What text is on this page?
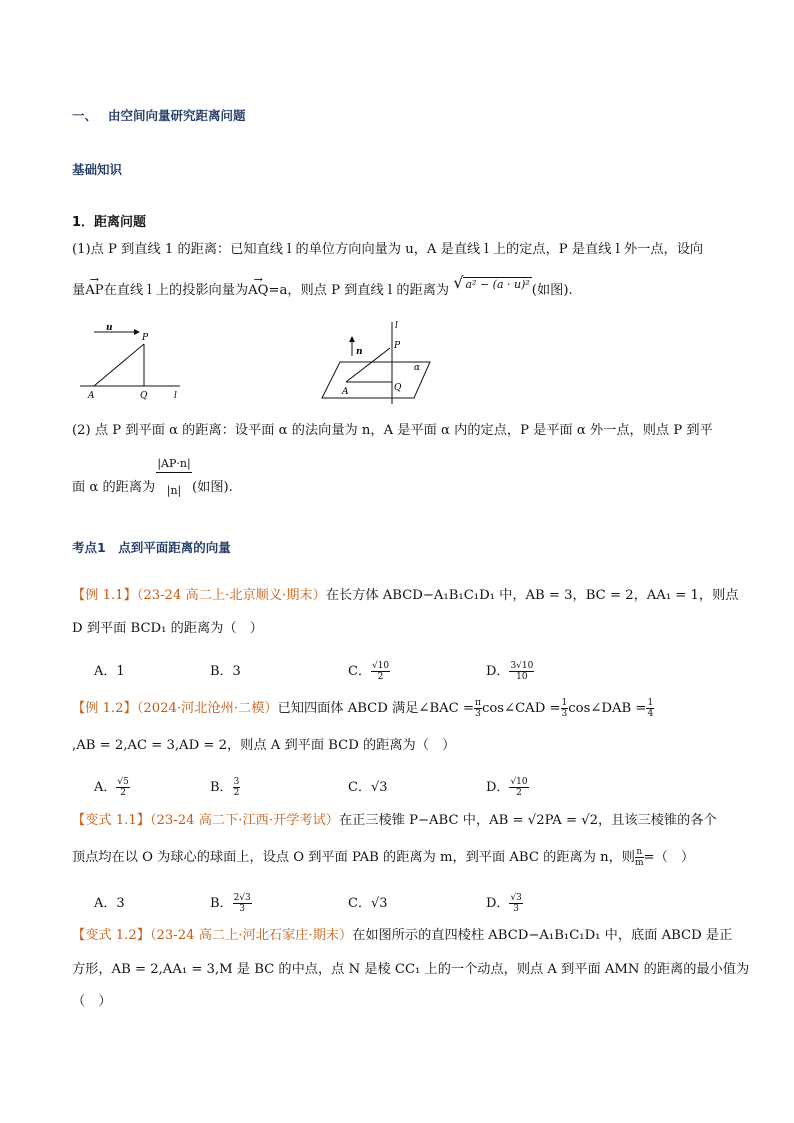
一、 由空间向量研究距离问题
基础知识
1．距离问题
(1)点 P 到直线 1 的距离：已知直线 l 的单位方向向量为 u，A 是直线 l 上的定点，P 是直线 l 外一点，设向
量→ AP在直线 l 上的投影向量为→ AQ=a，则点 P 到直线 l 的距离为 √ a² − (a · u)² (如图).
u
P
A	Q	l
l
n
P
α
A	Q
(2) 点 P 到平面 α 的距离：设平面 α 的法向量为 n，A 是平面 α 内的定点，P 是平面 α 外一点，则点 P 到平
面 α 的距离为 $\frac{|AP\cdot n|}{|n|}$ (如图).
考点1　点到平面距离的向量
【例 1.1】（23-24 高二上·北京顺义·期末）在长方体 ABCD−A₁B₁C₁D₁ 中，AB = 3，BC = 2，AA₁ = 1，则点
D 到平面 BCD₁ 的距离为（　）
A．1	B．3	C． $\frac{√10}{2}$	D． $\frac{3√10}{10}$
【例 1.2】（2024·河北沧州·二模）已知四面体 ABCD 满足∠BAC = $\frac{\pi}{3}$ cos∠CAD = $\frac{1}{3}$ cos∠DAB = $\frac{1}{4}$
,AB = 2,AC = 3,AD = 2，则点 A 到平面 BCD 的距离为（　）
A． $\frac{√5}{2}$	B． $\frac{3}{2}$	C．√3	D． $\frac{√10}{2}$
【变式 1.1】（23-24 高二下·江西·开学考试）在正三棱锥 P−ABC 中，AB = √2PA = √2，且该三棱锥的各个
顶点均在以 O 为球心的球面上，设点 O 到平面 PAB 的距离为 m，到平面 ABC 的距离为 n，则 $\frac{n}{m}$ =（　）
A．3	B． $\frac{2√3}{3}$	C．√3	D． $\frac{√3}{3}$
【变式 1.2】（23-24 高二上·河北石家庄·期末）在如图所示的直四棱柱 ABCD−A₁B₁C₁D₁ 中，底面 ABCD 是正
方形，AB = 2,AA₁ = 3,M 是 BC 的中点，点 N 是棱 CC₁ 上的一个动点，则点 A 到平面 AMN 的距离的最小值为
（　）
